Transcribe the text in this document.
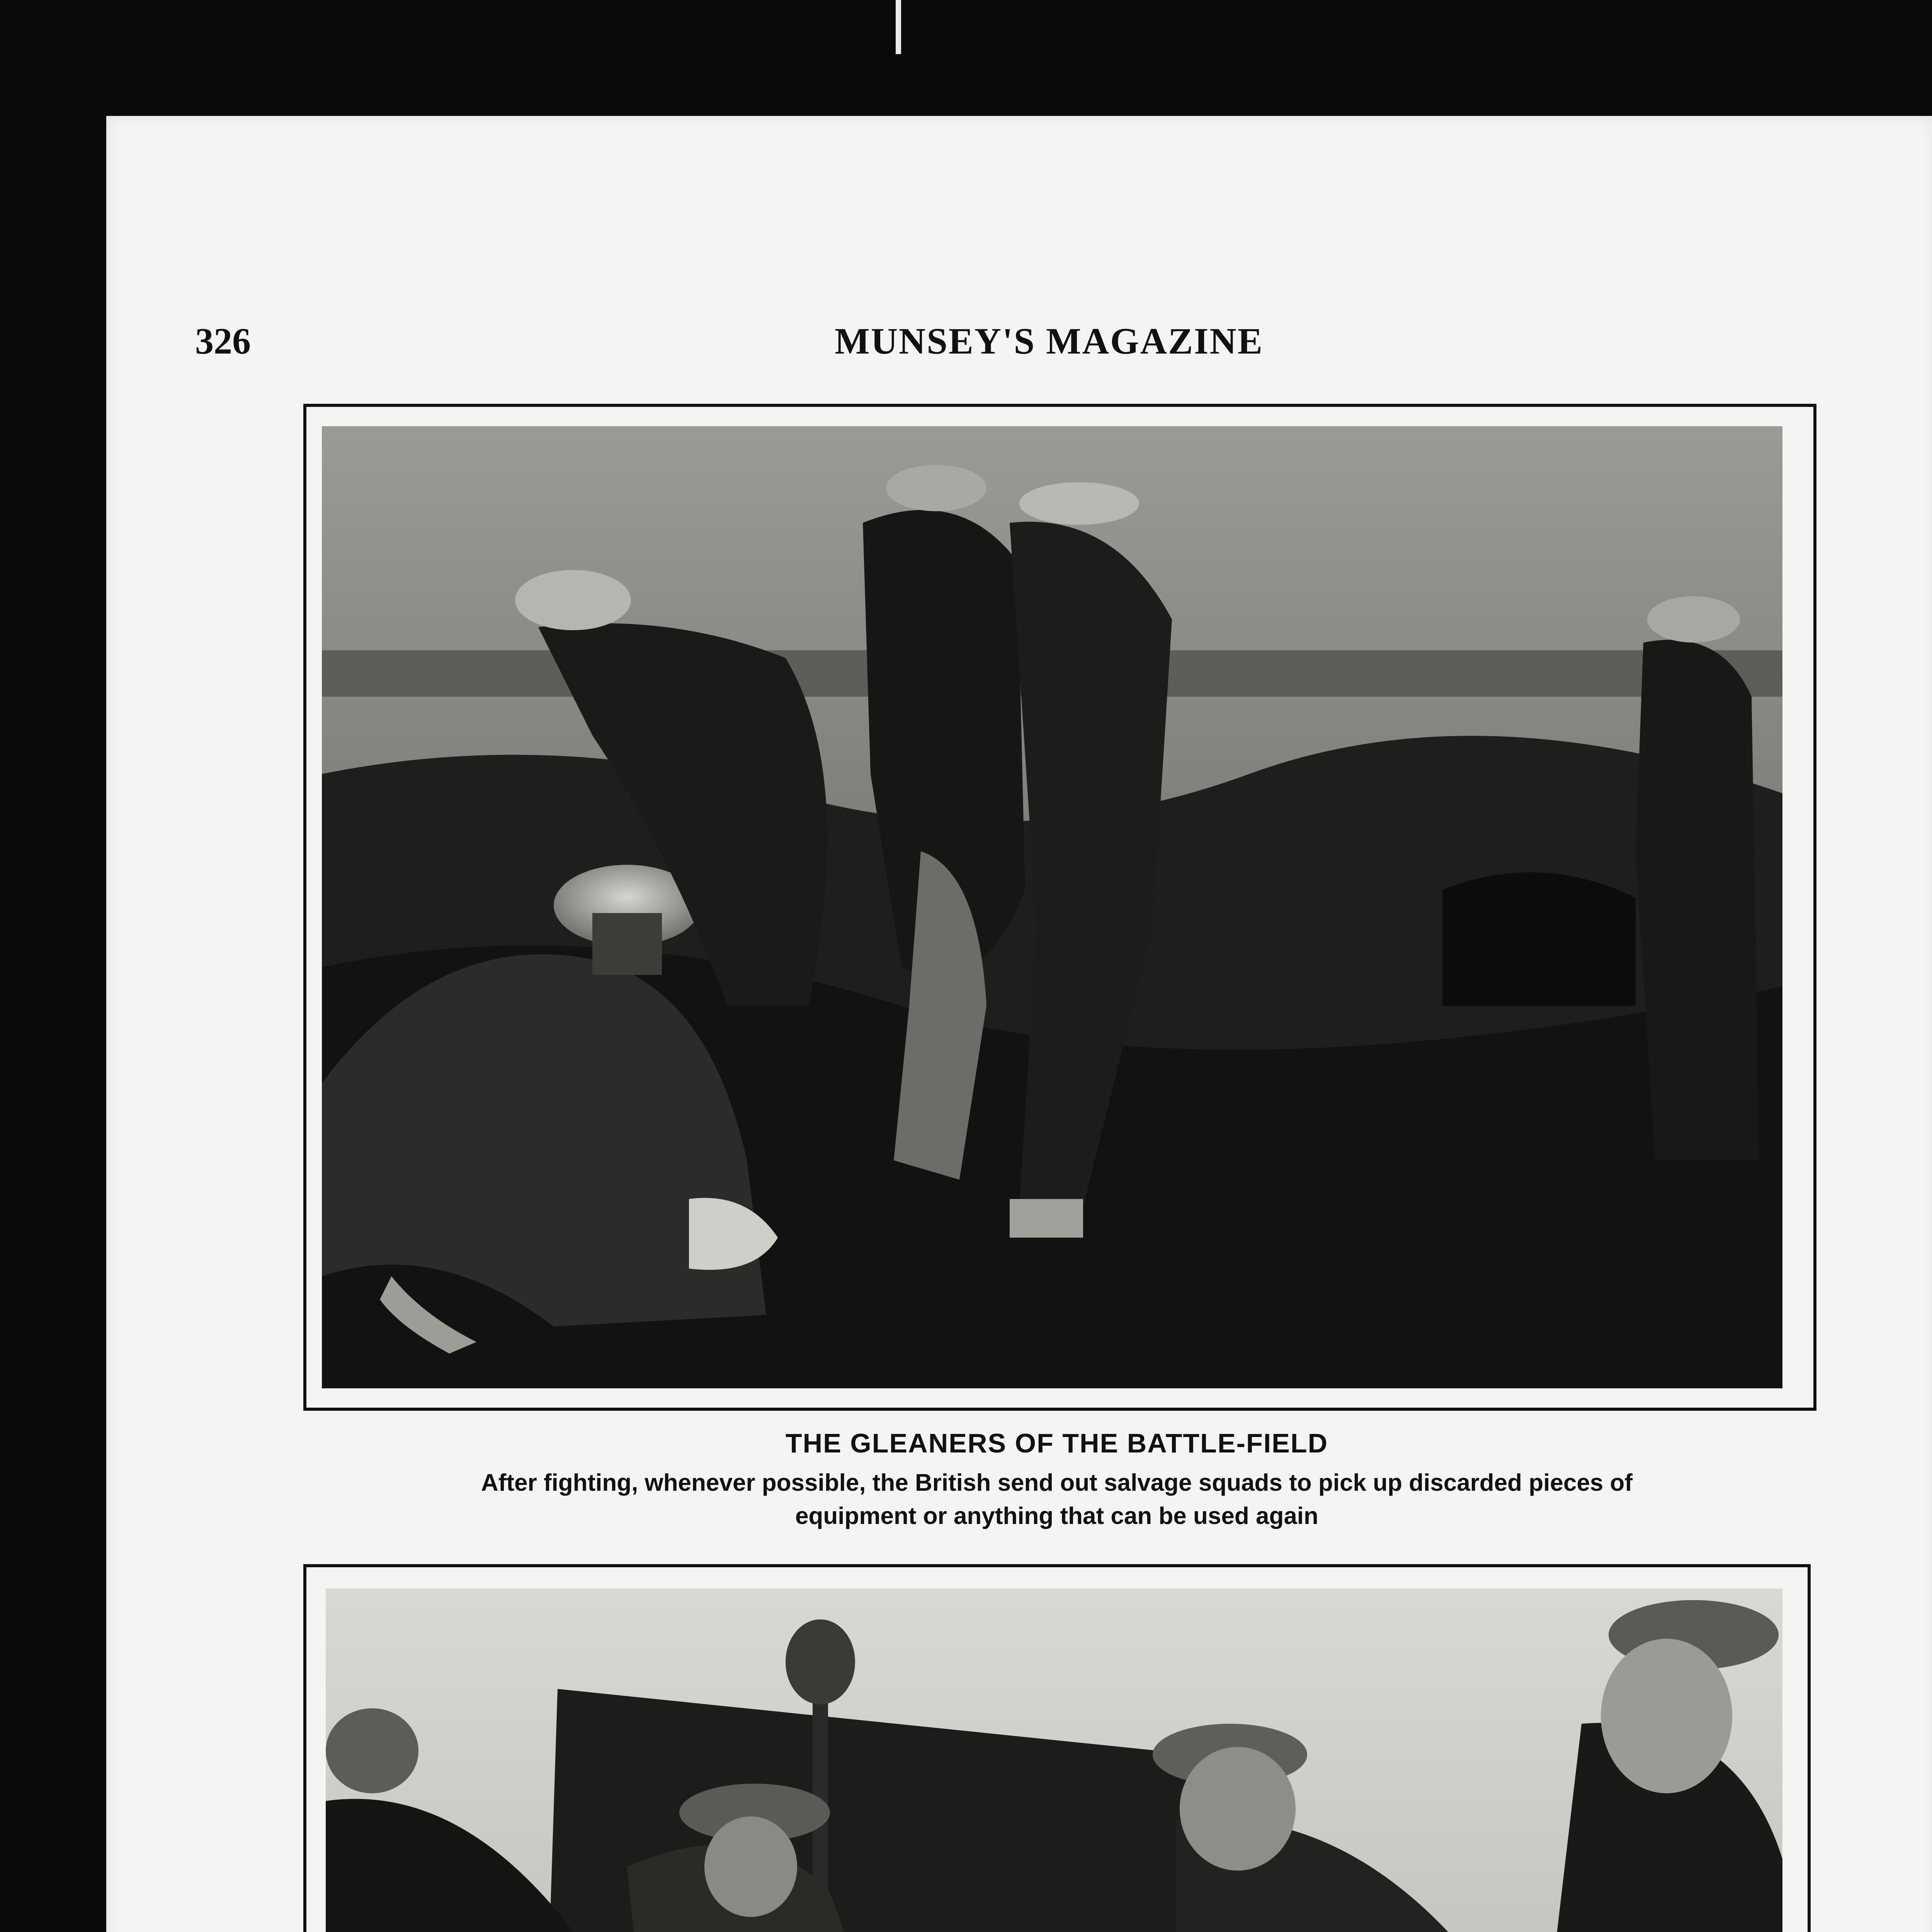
326	MUNSEY'S MAGAZINE
THE GLEANERS OF THE BATTLE-FIELD
After fighting, whenever possible, the British send out salvage squads to pick up discarded pieces of
equipment or anything that can be used again
